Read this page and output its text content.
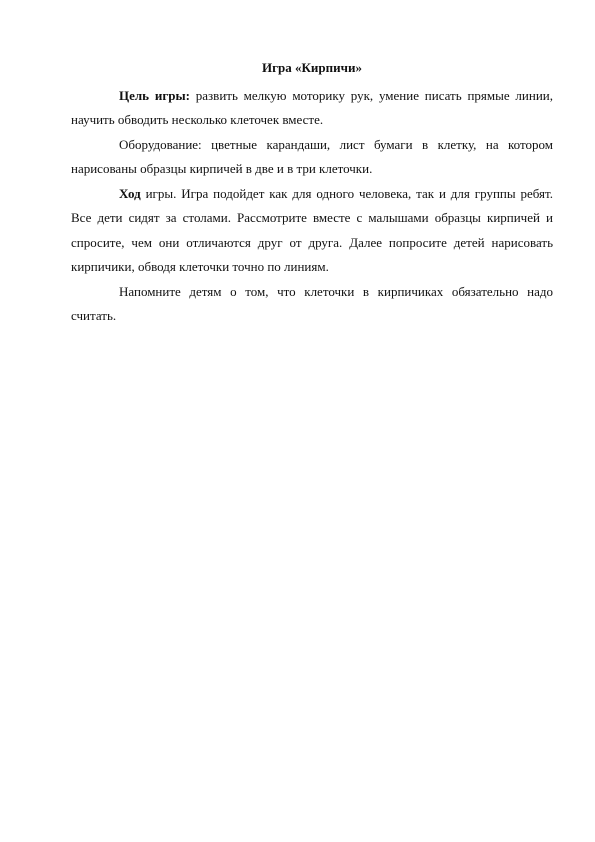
Игра «Кирпичи»

Цель игры: развить мелкую моторику рук, умение писать прямые линии, научить обводить несколько клеточек вместе.

Оборудование: цветные карандаши, лист бумаги в клетку, на котором нарисованы образцы кирпичей в две и в три клеточки.

Ход игры. Игра подойдет как для одного человека, так и для группы ребят. Все дети сидят за столами. Рассмотрите вместе с малышами образцы кирпичей и спросите, чем они отличаются друг от друга. Далее попросите детей нарисовать кирпичики, обводя клеточки точно по линиям.

Напомните детям о том, что клеточки в кирпичиках обязательно надо считать.
